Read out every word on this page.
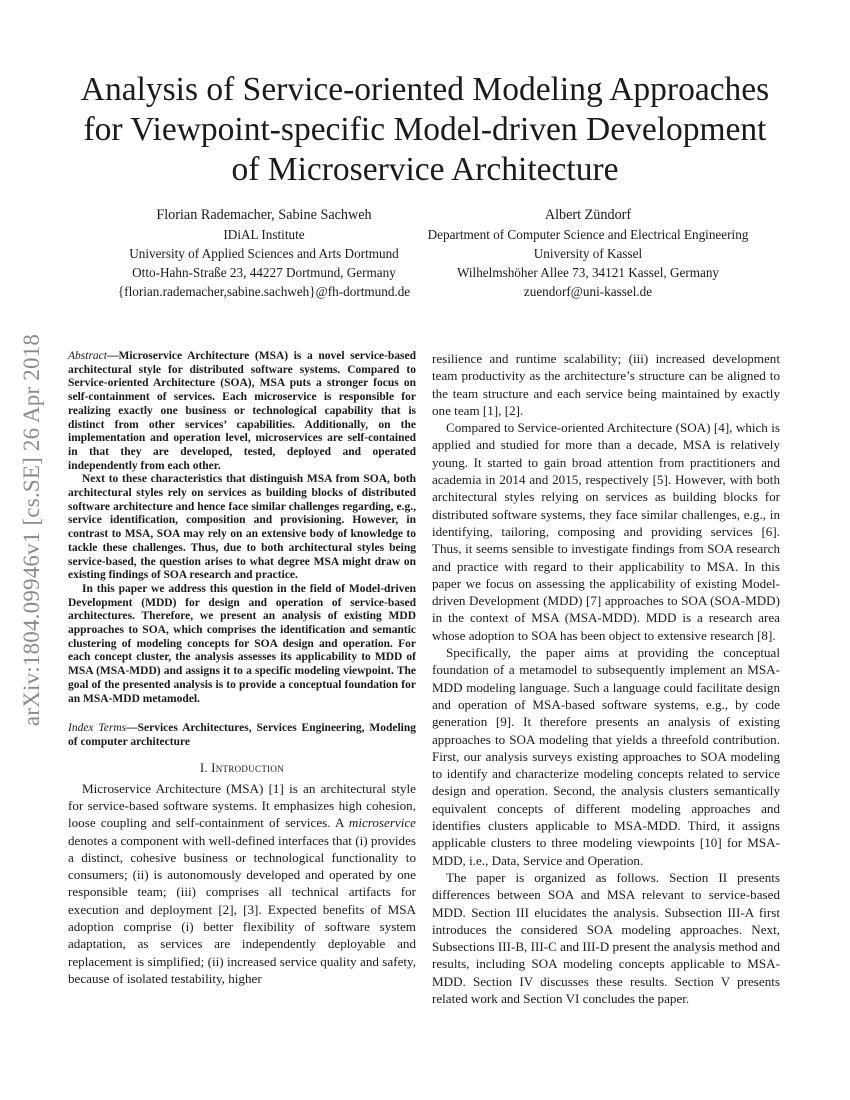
arXiv:1804.09946v1 [cs.SE] 26 Apr 2018
Analysis of Service-oriented Modeling Approaches
for Viewpoint-specific Model-driven Development
of Microservice Architecture
Florian Rademacher, Sabine Sachweh
IDiAL Institute
University of Applied Sciences and Arts Dortmund
Otto-Hahn-Straße 23, 44227 Dortmund, Germany
{florian.rademacher,sabine.sachweh}@fh-dortmund.de
Albert Zündorf
Department of Computer Science and Electrical Engineering
University of Kassel
Wilhelmshöher Allee 73, 34121 Kassel, Germany
zuendorf@uni-kassel.de

Abstract—Microservice Architecture (MSA) is a novel service-based architectural style for distributed software systems. Compared to Service-oriented Architecture (SOA), MSA puts a stronger focus on self-containment of services. Each microservice is responsible for realizing exactly one business or technological capability that is distinct from other services’ capabilities. Additionally, on the implementation and operation level, microservices are self-contained in that they are developed, tested, deployed and operated independently from each other.

Next to these characteristics that distinguish MSA from SOA, both architectural styles rely on services as building blocks of distributed software architecture and hence face similar challenges regarding, e.g., service identification, composition and provisioning. However, in contrast to MSA, SOA may rely on an extensive body of knowledge to tackle these challenges. Thus, due to both architectural styles being service-based, the question arises to what degree MSA might draw on existing findings of SOA research and practice.

In this paper we address this question in the field of Model-driven Development (MDD) for design and operation of service-based architectures. Therefore, we present an analysis of existing MDD approaches to SOA, which comprises the identification and semantic clustering of modeling concepts for SOA design and operation. For each concept cluster, the analysis assesses its applicability to MDD of MSA (MSA-MDD) and assigns it to a specific modeling viewpoint. The goal of the presented analysis is to provide a conceptual foundation for an MSA-MDD metamodel.

Index Terms—Services Architectures, Services Engineering, Modeling of computer architecture
I. Introduction

Microservice Architecture (MSA) [1] is an architectural style for service-based software systems. It emphasizes high cohesion, loose coupling and self-containment of services. A microservice denotes a component with well-defined interfaces that (i) provides a distinct, cohesive business or technological functionality to consumers; (ii) is autonomously developed and operated by one responsible team; (iii) comprises all technical artifacts for execution and deployment [2], [3]. Expected benefits of MSA adoption comprise (i) better flexibility of software system adaptation, as services are independently deployable and replacement is simplified; (ii) increased service quality and safety, because of isolated testability, higher

resilience and runtime scalability; (iii) increased development team productivity as the architecture’s structure can be aligned to the team structure and each service being maintained by exactly one team [1], [2].

Compared to Service-oriented Architecture (SOA) [4], which is applied and studied for more than a decade, MSA is relatively young. It started to gain broad attention from practitioners and academia in 2014 and 2015, respectively [5]. However, with both architectural styles relying on services as building blocks for distributed software systems, they face similar challenges, e.g., in identifying, tailoring, composing and providing services [6]. Thus, it seems sensible to investigate findings from SOA research and practice with regard to their applicability to MSA. In this paper we focus on assessing the applicability of existing Model-driven Development (MDD) [7] approaches to SOA (SOA-MDD) in the context of MSA (MSA-MDD). MDD is a research area whose adoption to SOA has been object to extensive research [8].

Specifically, the paper aims at providing the conceptual foundation of a metamodel to subsequently implement an MSA-MDD modeling language. Such a language could facilitate design and operation of MSA-based software systems, e.g., by code generation [9]. It therefore presents an analysis of existing approaches to SOA modeling that yields a threefold contribution. First, our analysis surveys existing approaches to SOA modeling to identify and characterize modeling concepts related to service design and operation. Second, the analysis clusters semantically equivalent concepts of different modeling approaches and identifies clusters applicable to MSA-MDD. Third, it assigns applicable clusters to three modeling viewpoints [10] for MSA-MDD, i.e., Data, Service and Operation.

The paper is organized as follows. Section II presents differences between SOA and MSA relevant to service-based MDD. Section III elucidates the analysis. Subsection III-A first introduces the considered SOA modeling approaches. Next, Subsections III-B, III-C and III-D present the analysis method and results, including SOA modeling concepts applicable to MSA-MDD. Section IV discusses these results. Section V presents related work and Section VI concludes the paper.
